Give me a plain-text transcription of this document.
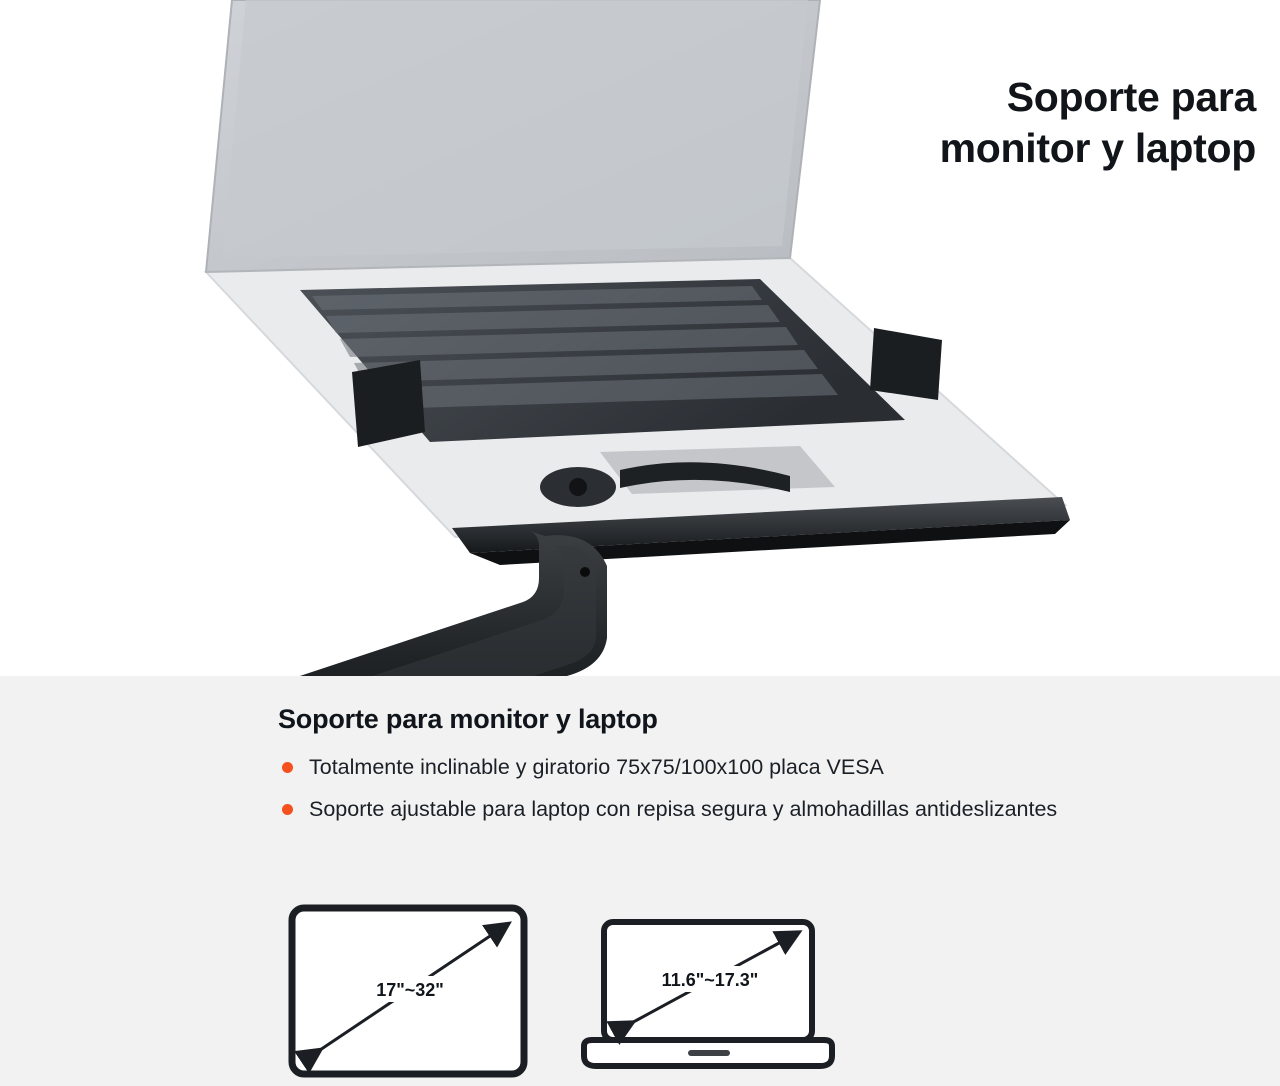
Soporte para
monitor y laptop
Soporte para monitor y laptop
Totalmente inclinable y giratorio 75x75/100x100 placa VESA
Soporte ajustable para laptop con repisa segura y almohadillas antideslizantes
17"~32"	11.6"~17.3"
